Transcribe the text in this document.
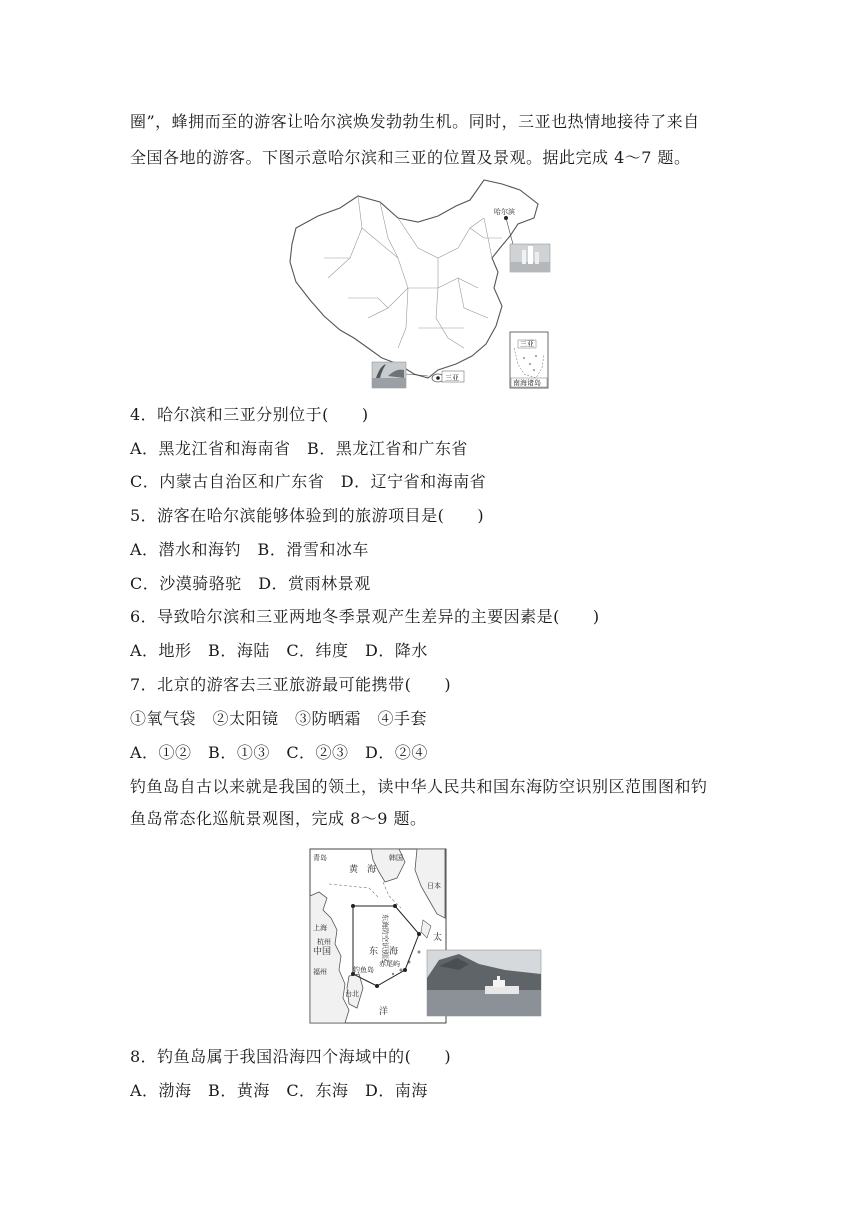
圈”，蜂拥而至的游客让哈尔滨焕发勃勃生机。同时，三亚也热情地接待了来自
全国各地的游客。下图示意哈尔滨和三亚的位置及景观。据此完成 4～7 题。
哈尔滨
三亚
三亚
南海诸岛
4．哈尔滨和三亚分别位于(　　)
A．黑龙江省和海南省　B．黑龙江省和广东省
C．内蒙古自治区和广东省　D．辽宁省和海南省
5．游客在哈尔滨能够体验到的旅游项目是(　　)
A．潜水和海钓　B．滑雪和冰车
C．沙漠骑骆驼　D．赏雨林景观
6．导致哈尔滨和三亚两地冬季景观产生差异的主要因素是(　　)
A．地形　B．海陆　C．纬度　D．降水
7．北京的游客去三亚旅游最可能携带(　　)
①氧气袋　②太阳镜　③防晒霜　④手套
A．①②　B．①③　C．②③　D．②④
钓鱼岛自古以来就是我国的领土，读中华人民共和国东海防空识别区范围图和钓
鱼岛常态化巡航景观图，完成 8～9 题。
青岛	韩国
黄 海
日本
上海
杭州
中国
福州
台北
钓鱼岛
赤尾屿
东 海
东海防空识别区	太
洋
8．钓鱼岛属于我国沿海四个海域中的(　　)
A．渤海　B．黄海　C．东海　D．南海
